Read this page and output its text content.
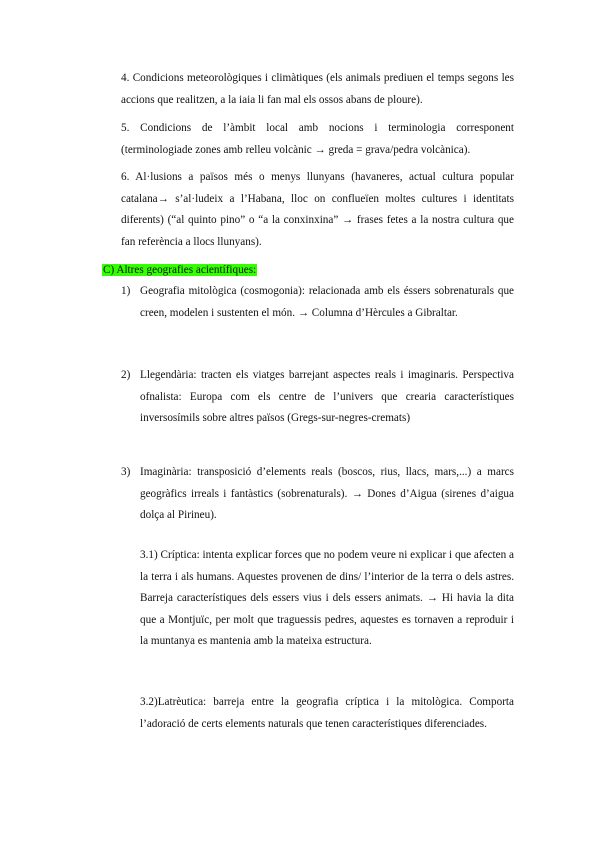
4. Condicions meteorològiques i climàtiques (els animals prediuen el temps segons les accions que realitzen, a la iaia li fan mal els ossos abans de ploure).

5. Condicions de l’àmbit local amb nocions i terminologia corresponent (terminologiade zones amb relleu volcànic → greda = grava/pedra volcànica).

6. Al·lusions a països més o menys llunyans (havaneres, actual cultura popular catalana→ s’al·ludeix a l’Habana, lloc on conflueïen moltes cultures i identitats diferents) (“al quinto pino” o “a la conxinxina” → frases fetes a la nostra cultura que fan referència a llocs llunyans).

C) Altres geografies acientífiques:

1) Geografia mitològica (cosmogonia): relacionada amb els éssers sobrenaturals que creen, modelen i sustenten el món. → Columna d’Hèrcules a Gibraltar.

2) Llegendària: tracten els viatges barrejant aspectes reals i imaginaris. Perspectiva ofnalista: Europa com els centre de l’univers que crearia característiques inversosímils sobre altres països (Gregs-sur-negres-cremats)

3) Imaginària: transposició d’elements reals (boscos, rius, llacs, mars,...) a marcs geogràfics irreals i fantàstics (sobrenaturals). → Dones d’Aigua (sirenes d’aigua dolça al Pirineu).

3.1) Críptica: intenta explicar forces que no podem veure ni explicar i que afecten a la terra i als humans. Aquestes provenen de dins/ l’interior de la terra o dels astres. Barreja característiques dels essers vius i dels essers animats. → Hi havia la dita que a Montjuïc, per molt que traguessis pedres, aquestes es tornaven a reproduir i la muntanya es mantenia amb la mateixa estructura.

3.2)Latrèutica: barreja entre la geografia críptica i la mitològica. Comporta l’adoració de certs elements naturals que tenen característiques diferenciades.
